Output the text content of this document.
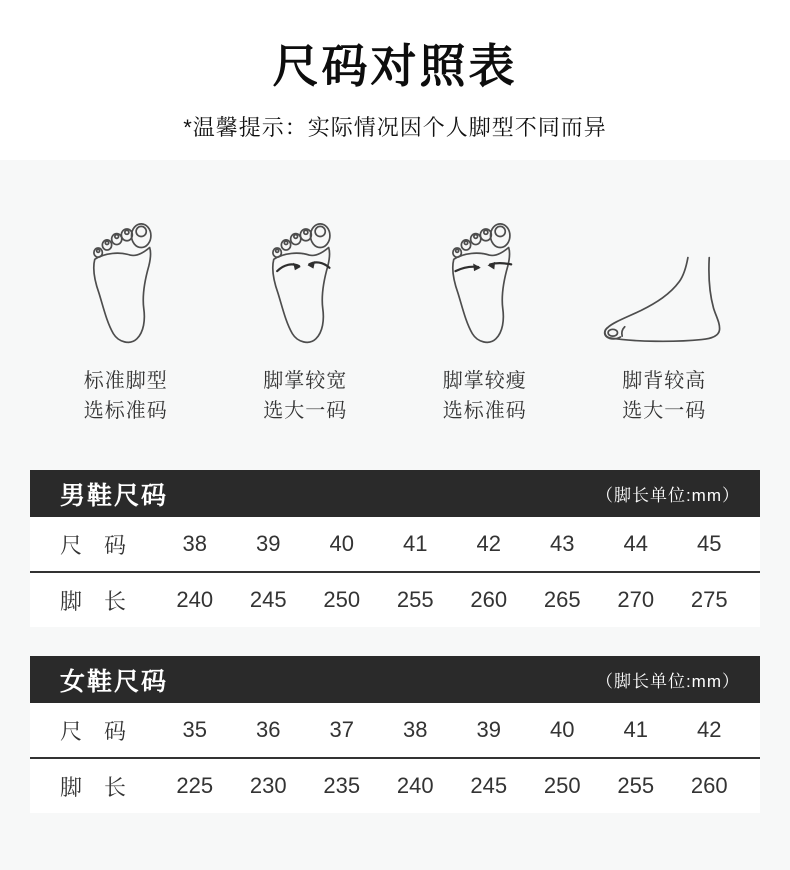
尺码对照表
*温馨提示：实际情况因个人脚型不同而异
标准脚型
选标准码
脚掌较宽
选大一码
脚掌较瘦
选标准码
脚背较高
选大一码
男鞋尺码	（脚长单位:mm）
尺　码	38	39	40	41	42	43	44	45
脚　长	240	245	250	255	260	265	270	275
女鞋尺码	（脚长单位:mm）
尺　码	35	36	37	38	39	40	41	42
脚　长	225	230	235	240	245	250	255	260
